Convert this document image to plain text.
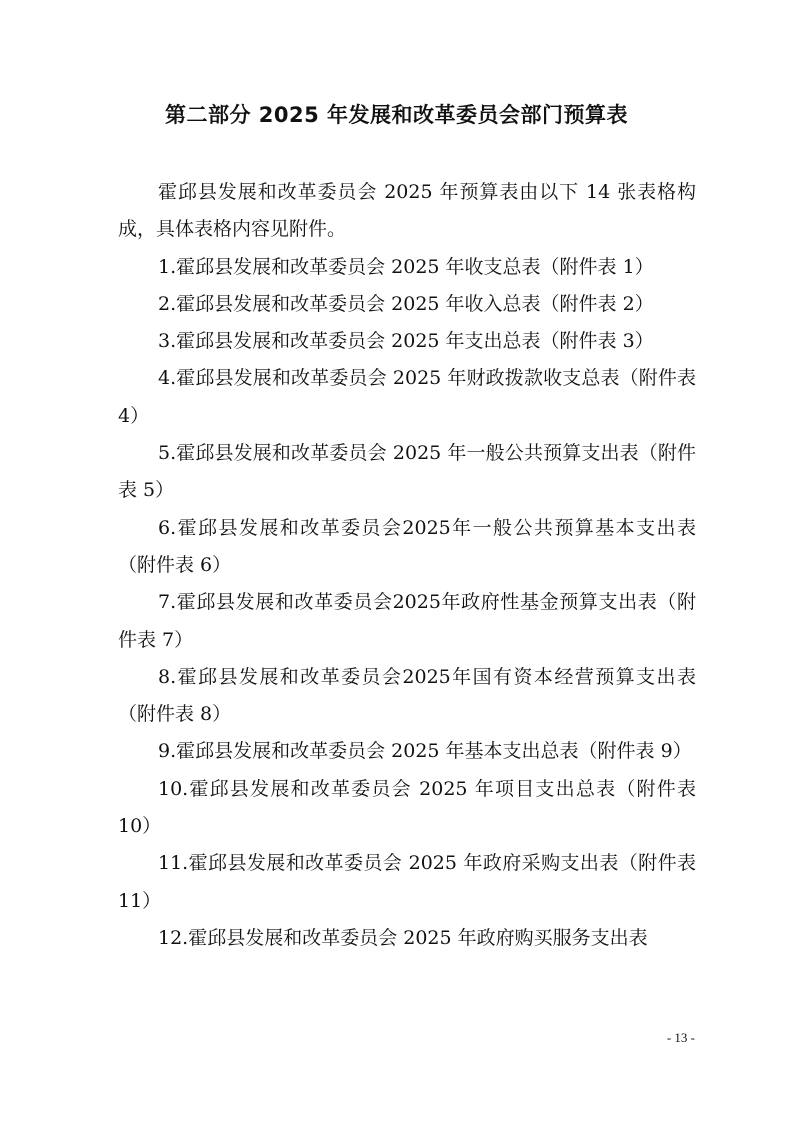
第二部分 2025 年发展和改革委员会部门预算表

霍邱县发展和改革委员会 2025 年预算表由以下 14 张表格构成，具体表格内容见附件。

1.霍邱县发展和改革委员会 2025 年收支总表（附件表 1）

2.霍邱县发展和改革委员会 2025 年收入总表（附件表 2）

3.霍邱县发展和改革委员会 2025 年支出总表（附件表 3）

4.霍邱县发展和改革委员会 2025 年财政拨款收支总表（附件表 4）

5.霍邱县发展和改革委员会 2025 年一般公共预算支出表（附件表 5）

6.霍邱县发展和改革委员会2025年一般公共预算基本支出表（附件表 6）

7.霍邱县发展和改革委员会2025年政府性基金预算支出表（附件表 7）

8.霍邱县发展和改革委员会2025年国有资本经营预算支出表（附件表 8）

9.霍邱县发展和改革委员会 2025 年基本支出总表（附件表 9）

10.霍邱县发展和改革委员会 2025 年项目支出总表（附件表 10）

11.霍邱县发展和改革委员会 2025 年政府采购支出表（附件表 11）

12.霍邱县发展和改革委员会 2025 年政府购买服务支出表

- 13 -
